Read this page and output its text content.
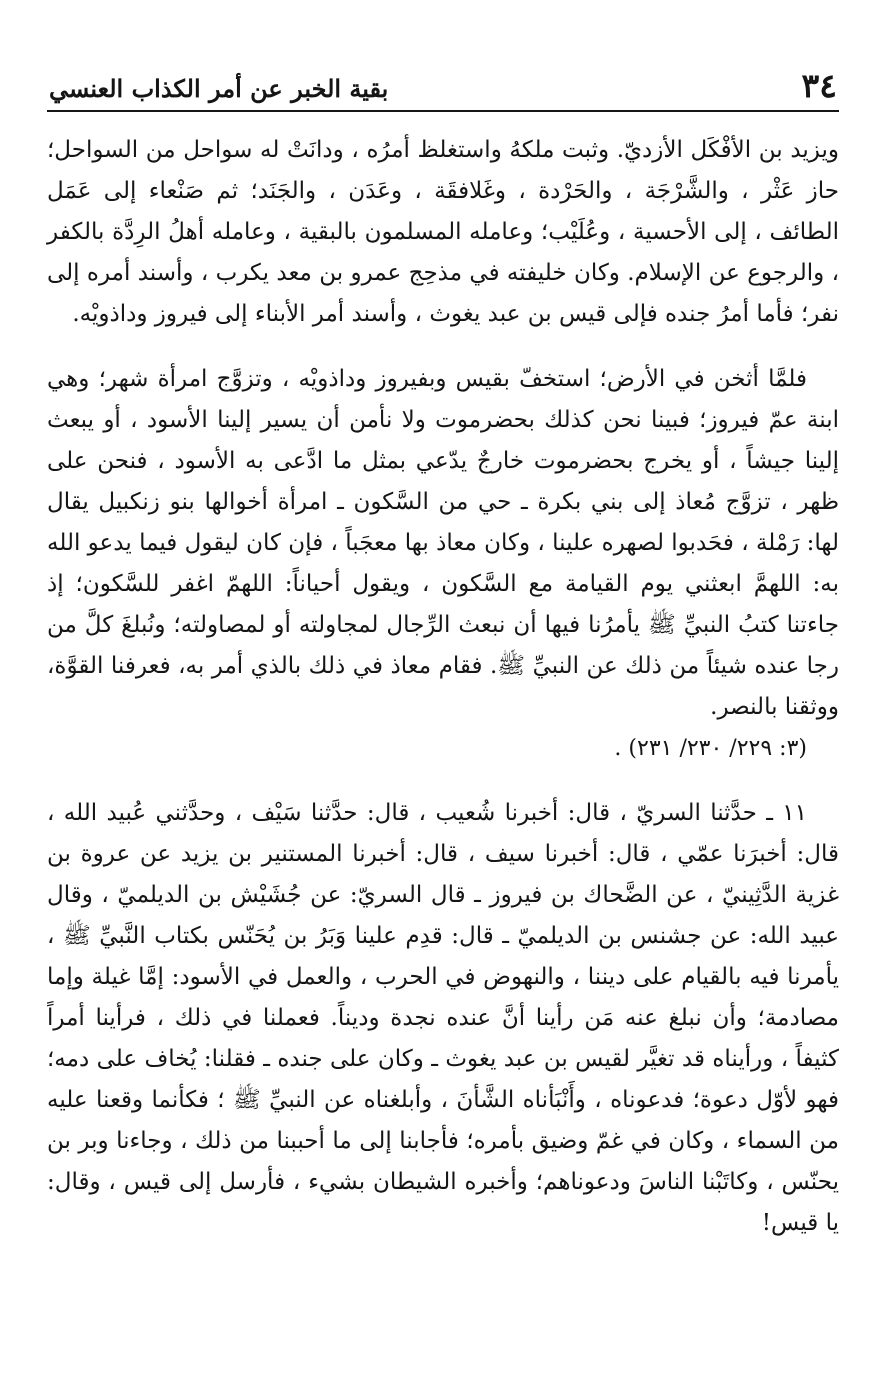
٣٤
بقية الخبر عن أمر الكذاب العنسي

ويزيد بن الأفْكَل الأزديّ. وثبت ملكهُ واستغلظ أمرُه ، ودانَتْ له سواحل من السواحل؛ حاز عَثْر ، والشَّرْجَة ، والحَرْدة ، وغَلافقَة ، وعَدَن ، والجَنَد؛ ثم صَنْعاء إلى عَمَل الطائف ، إلى الأحسية ، وعُلَيْب؛ وعامله المسلمون بالبقية ، وعامله أهلُ الرِدَّة بالكفر ، والرجوع عن الإسلام. وكان خليفته في مذحِج عمرو بن معد يكرب ، وأسند أمره إلى نفر؛ فأما أمرُ جنده فإلى قيس بن عبد يغوث ، وأسند أمر الأبناء إلى فيروز وداذويْه.

فلمَّا أثخن في الأرض؛ استخفّ بقيس وبفيروز وداذويْه ، وتزوَّج امرأة شهر؛ وهي ابنة عمّ فيروز؛ فبينا نحن كذلك بحضرموت ولا نأمن أن يسير إلينا الأسود ، أو يبعث إلينا جيشاً ، أو يخرج بحضرموت خارجٌ يدّعي بمثل ما ادَّعى به الأسود ، فنحن على ظهر ، تزوَّج مُعاذ إلى بني بكرة ـ حي من السَّكون ـ امرأة أخوالها بنو زنكبيل يقال لها: رَمْلة ، فحَدبوا لصهره علينا ، وكان معاذ بها معجَباً ، فإن كان ليقول فيما يدعو الله به: اللهمَّ ابعثني يوم القيامة مع السَّكون ، ويقول أحياناً: اللهمّ اغفر للسَّكون؛ إذ جاءتنا كتبُ النبيِّ ﷺ يأمرُنا فيها أن نبعث الرِّجال لمجاولته أو لمصاولته؛ ونُبلغَ كلَّ من رجا عنده شيئاً من ذلك عن النبيِّ ﷺ. فقام معاذ في ذلك بالذي أمر به، فعرفنا القوَّة، ووثقنا بالنصر.
(٣: ٢٢٩/ ٢٣٠/ ٢٣١) .

١١ ـ حدَّثنا السريّ ، قال: أخبرنا شُعيب ، قال: حدَّثنا سَيْف ، وحدَّثني عُبيد الله ، قال: أخبرَنا عمّي ، قال: أخبرنا سيف ، قال: أخبرنا المستنير بن يزيد عن عروة بن غزية الدَّثِينيّ ، عن الضَّحاك بن فيروز ـ قال السريّ: عن جُشَيْش بن الديلميّ ، وقال عبيد الله: عن جشنس بن الديلميّ ـ قال: قدِم علينا وَبَرُ بن يُحَنّس بكتاب النَّبيِّ ﷺ ، يأمرنا فيه بالقيام على ديننا ، والنهوض في الحرب ، والعمل في الأسود: إمَّا غيلة وإما مصادمة؛ وأن نبلغ عنه مَن رأينا أنَّ عنده نجدة وديناً. فعملنا في ذلك ، فرأينا أمراً كثيفاً ، ورأيناه قد تغيَّر لقيس بن عبد يغوث ـ وكان على جنده ـ فقلنا: يُخاف على دمه؛ فهو لأوّل دعوة؛ فدعوناه ، وأَنْبَأناه الشَّأنَ ، وأبلغناه عن النبيِّ ﷺ ؛ فكأنما وقعنا عليه من السماء ، وكان في غمّ وضيق بأمره؛ فأجابنا إلى ما أحببنا من ذلك ، وجاءنا وبر بن يحنّس ، وكاتَبْنا الناسَ ودعوناهم؛ وأخبره الشيطان بشيء ، فأرسل إلى قيس ، وقال: يا قيس!
